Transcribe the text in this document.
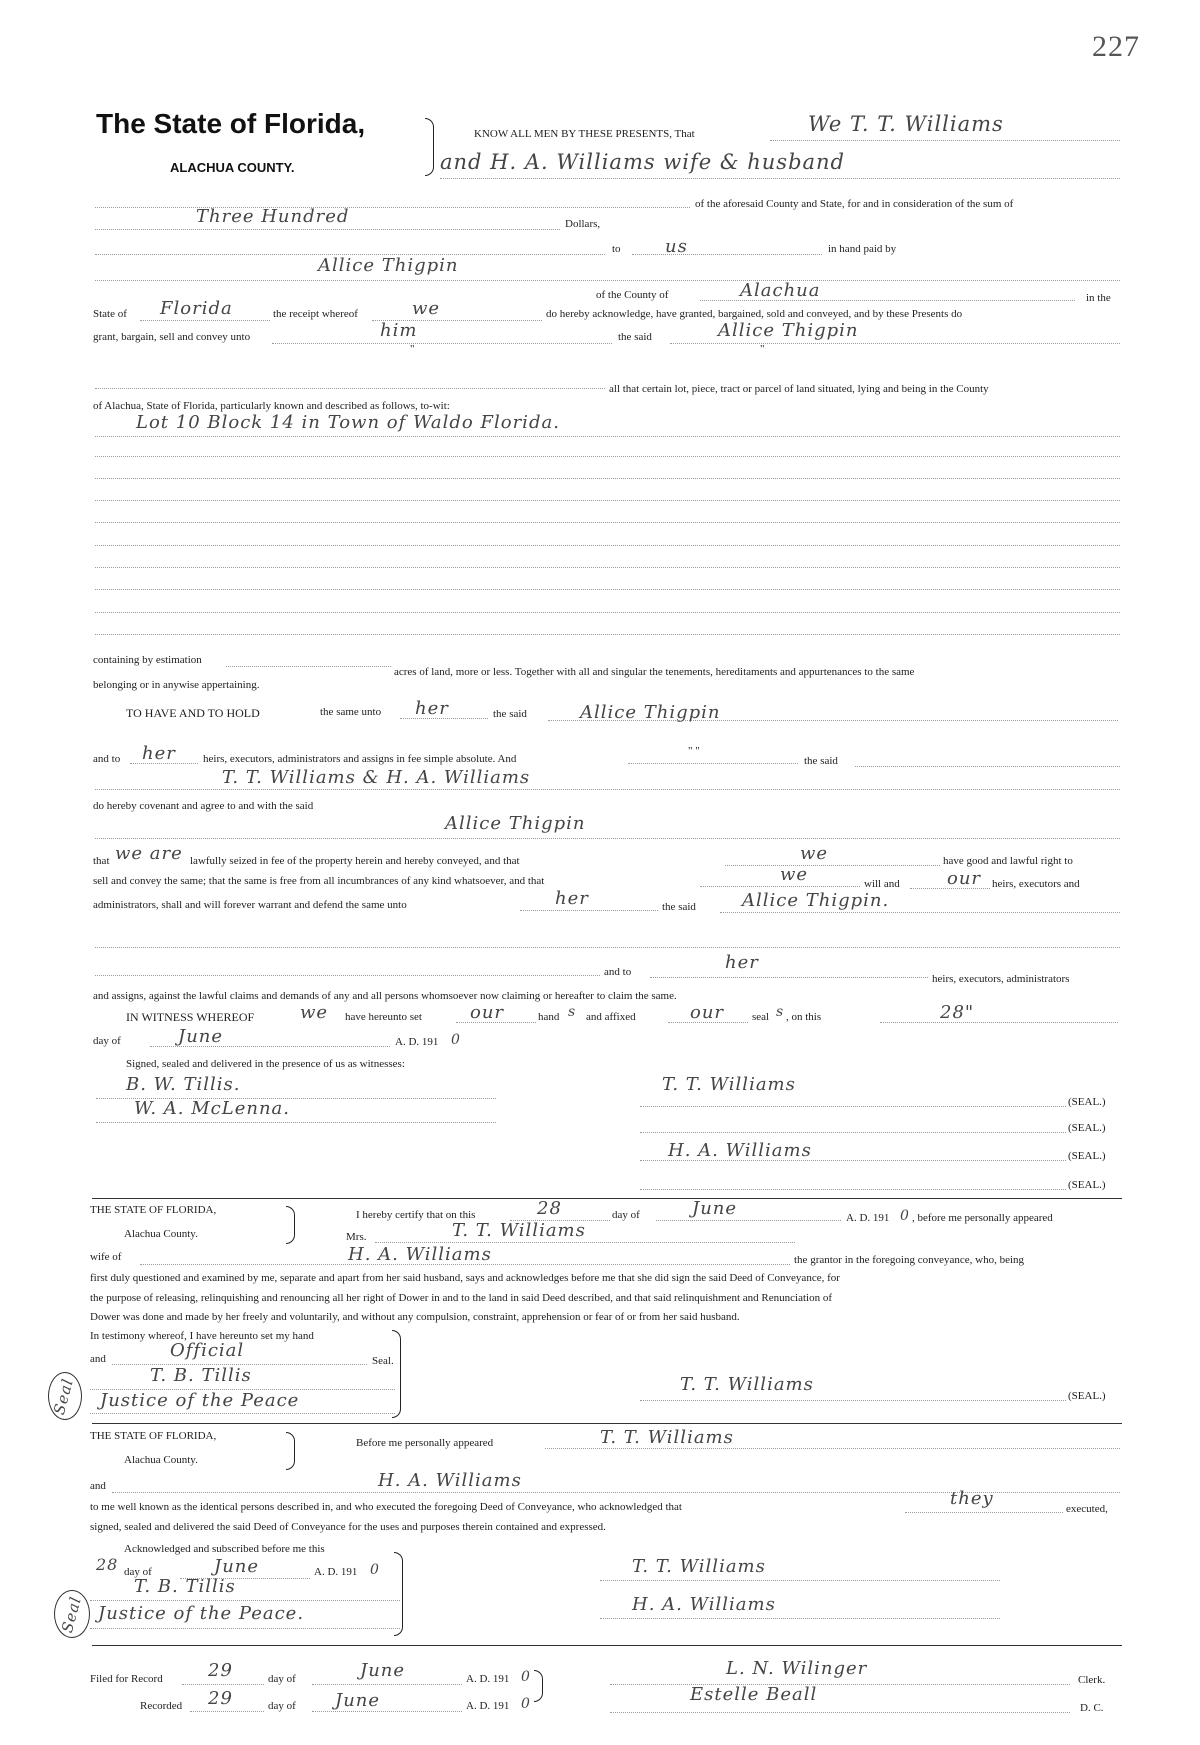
227
The State of Florida,
ALACHUA COUNTY.
KNOW ALL MEN BY THESE PRESENTS, That	We T. T. Williams
and H. A. Williams wife & husband
of the aforesaid County and State, for and in consideration of the sum of
Three Hundred	Dollars,
to us	in hand paid by
Allice Thigpin
of the County of	Alachua	in the
State of Florida	the receipt whereof	we	do hereby acknowledge, have granted, bargained, sold and conveyed, and by these Presents do
grant, bargain, sell and convey unto	him
"
the said
"
Allice Thigpin
all that certain lot, piece, tract or parcel of land situated, lying and being in the County
of Alachua, State of Florida, particularly known and described as follows, to-wit:
Lot 10 Block 14 in Town of Waldo Florida.
containing by estimation
acres of land, more or less. Together with all and singular the tenements, hereditaments and appurtenances to the same
belonging or in anywise appertaining.
TO HAVE AND TO HOLD	the same unto her	the said	Allice Thigpin
and to her heirs, executors, administrators and assigns in fee simple absolute. And
" "
the said
T. T. Williams & H. A. Williams
do hereby covenant and agree to and with the said
Allice Thigpin
that we are lawfully seized in fee of the property herein and hereby conveyed, and that	we	have good and lawful right to
sell and convey the same; that the same is free from all incumbrances of any kind whatsoever, and that	we	will and	our heirs, executors and
administrators, shall and will forever warrant and defend the same unto	her	the said	Allice Thigpin.
and to	her
heirs, executors, administrators
and assigns, against the lawful claims and demands of any and all persons whomsoever now claiming or hereafter to claim the same.
IN WITNESS WHEREOF	we have hereunto set	our	hand s and affixed	our	seal s , on this	28"
day of	June	A. D. 191 0
Signed, sealed and delivered in the presence of us as witnesses:
B. W. Tillis.
W. A. McLenna.
T. T. Williams
(SEAL.)
(SEAL.)
H. A. Williams	(SEAL.)
(SEAL.)
THE STATE OF FLORIDA,
Alachua County.
I hereby certify that on this	28	day of	June	A. D. 191 0 , before me personally appeared
Mrs.	T. T. Williams
wife of	H. A. Williams	the grantor in the foregoing conveyance, who, being
first duly questioned and examined by me, separate and apart from her said husband, says and acknowledges before me that she did sign the said Deed of Conveyance, for
the purpose of releasing, relinquishing and renouncing all her right of Dower in and to the land in said Deed described, and that said relinquishment and Renunciation of
Dower was done and made by her freely and voluntarily, and without any compulsion, constraint, apprehension or fear of or from her said husband.
In testimony whereof, I have hereunto set my hand
and	Official	Seal.
T. B. Tillis
Justice of the Peace
Seal	T. T. Williams
(SEAL.)
THE STATE OF FLORIDA,
Alachua County.
Before me personally appeared	T. T. Williams
and	H. A. Williams
to me well known as the identical persons described in, and who executed the foregoing Deed of Conveyance, who acknowledged that	they	executed,
signed, sealed and delivered the said Deed of Conveyance for the uses and purposes therein contained and expressed.
Acknowledged and subscribed before me this
28 day of	June	A. D. 191 0
T. B. Tillis
Justice of the Peace.
Seal
T. T. Williams
H. A. Williams
Filed for Record	29	day of	June	A. D. 191 0	L. N. Wilinger
Clerk.
Recorded 29	day of June	A. D. 191 0	Estelle Beall
D. C.
